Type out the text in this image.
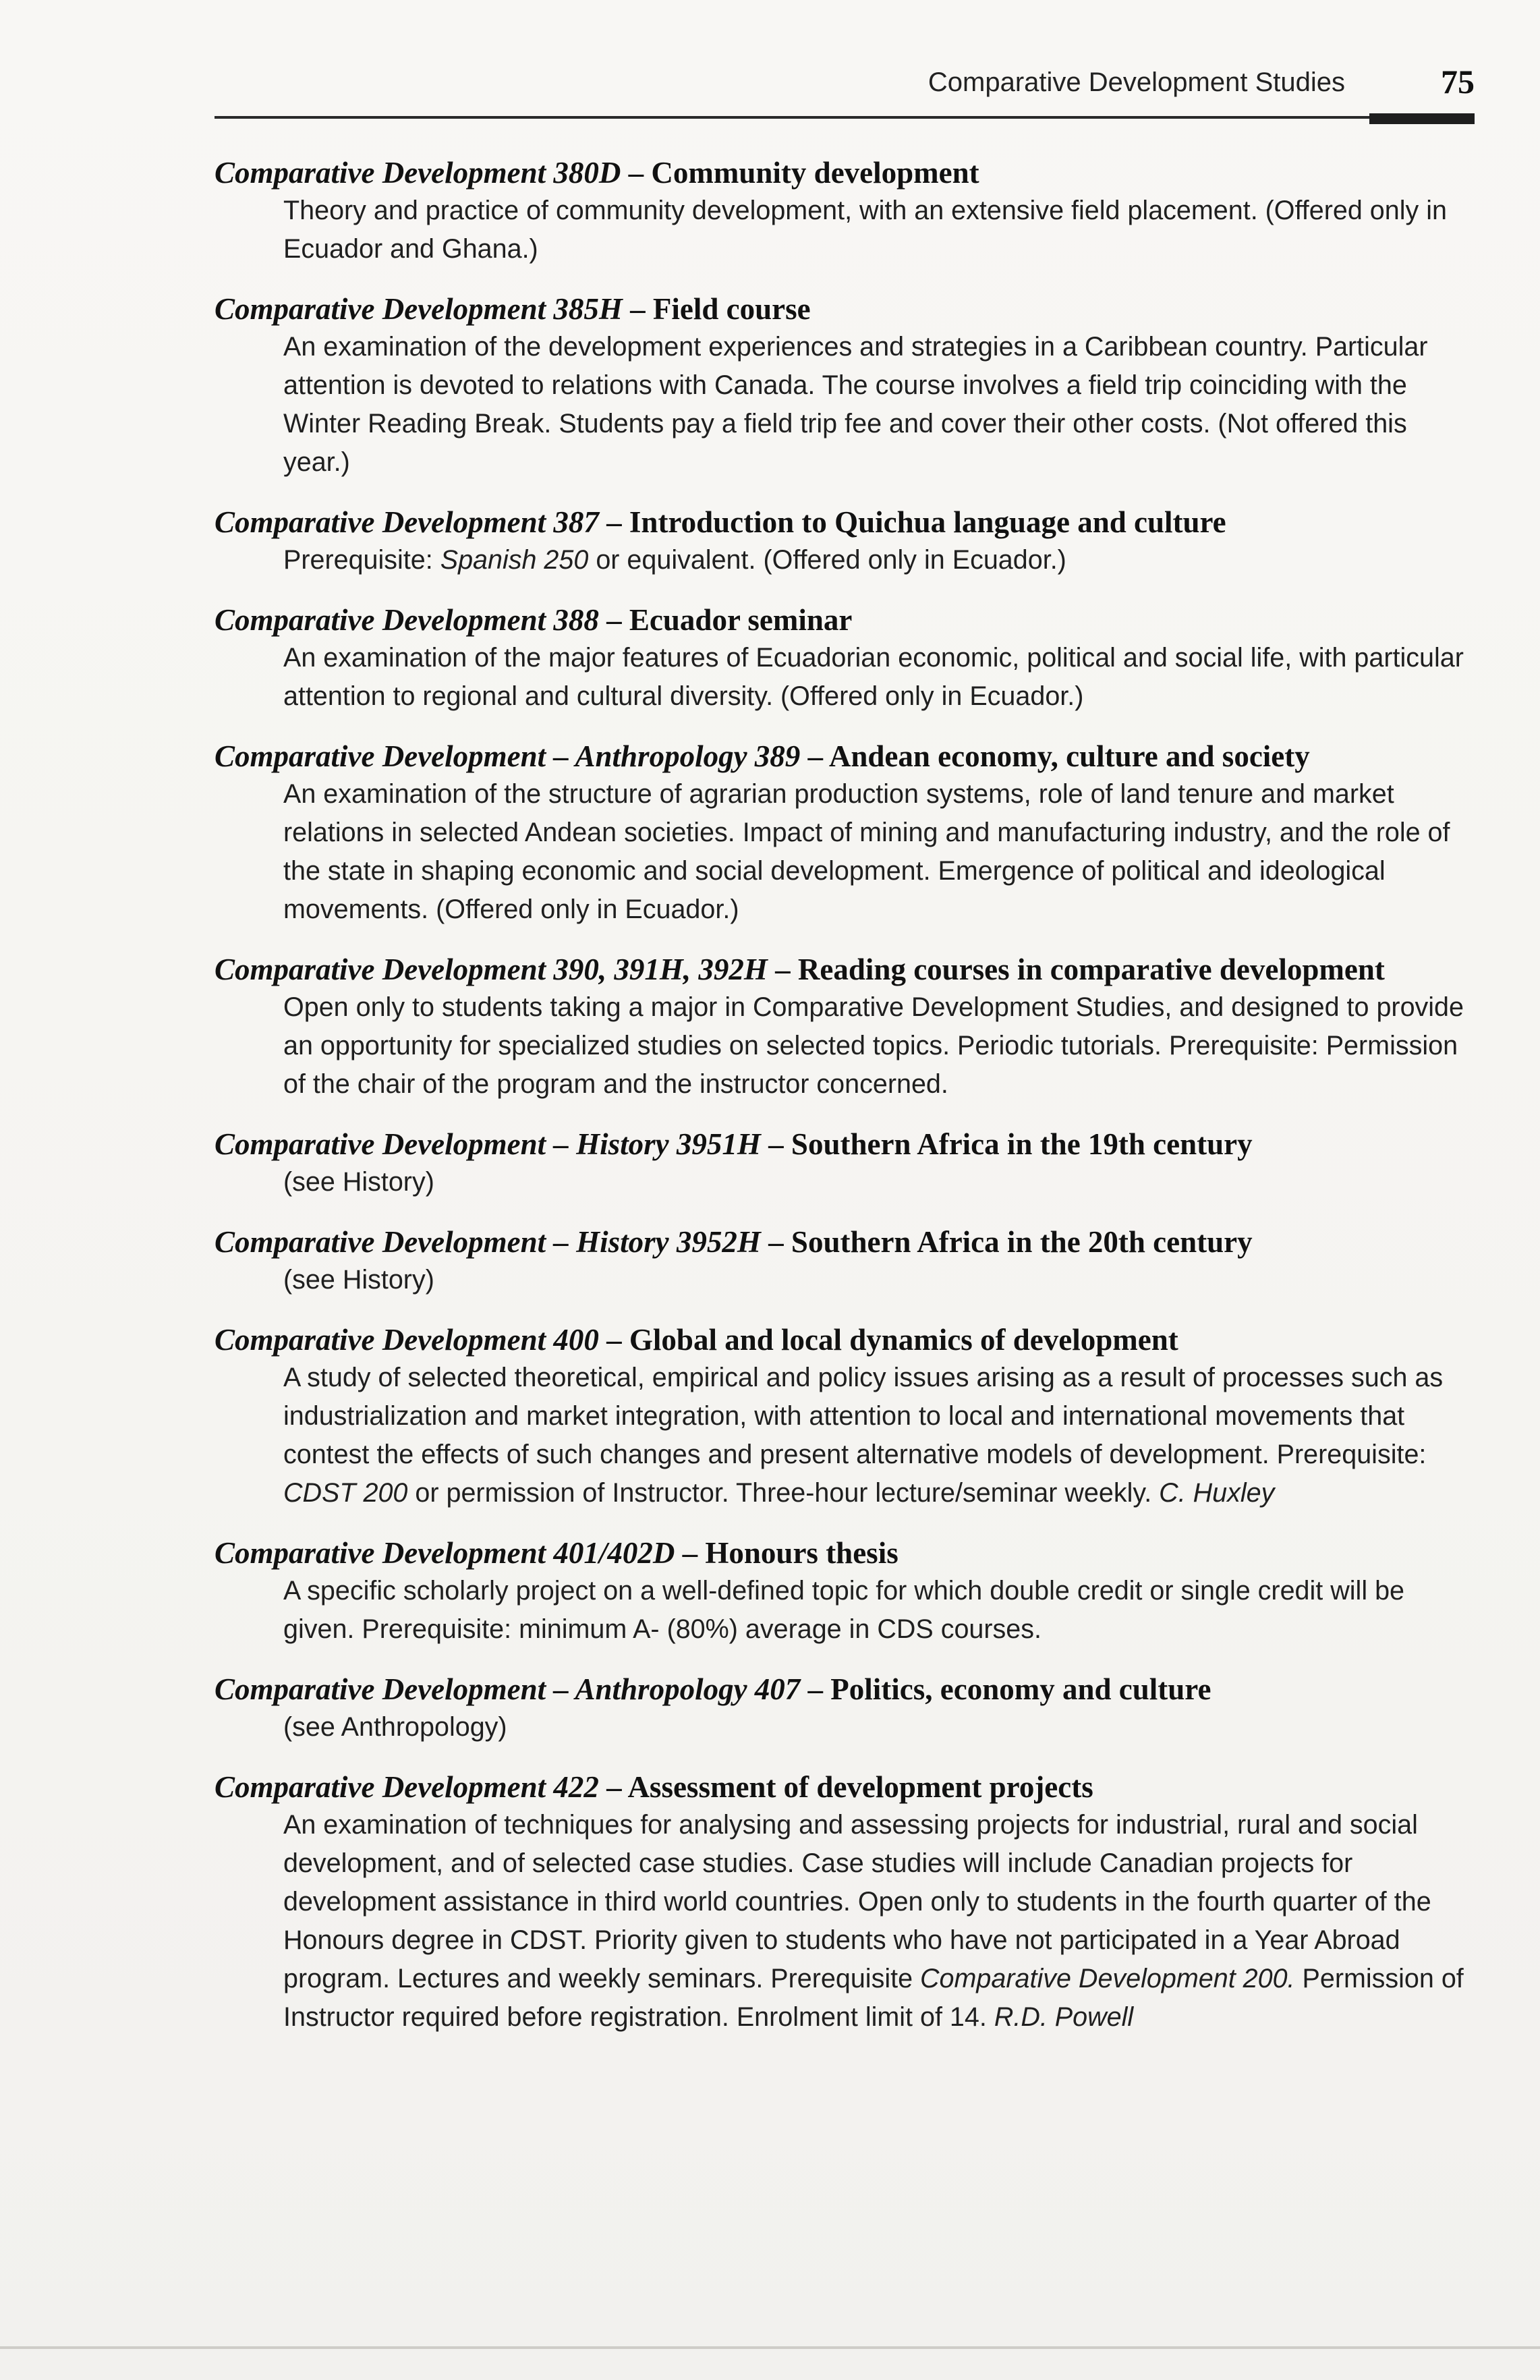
Comparative Development Studies	75
Comparative Development 380D – Community development
Theory and practice of community development, with an extensive field placement. (Offered only in Ecuador and Ghana.)
Comparative Development 385H – Field course
An examination of the development experiences and strategies in a Caribbean country. Particular attention is devoted to relations with Canada. The course involves a field trip coinciding with the Winter Reading Break. Students pay a field trip fee and cover their other costs. (Not offered this year.)
Comparative Development 387 – Introduction to Quichua language and culture
Prerequisite: Spanish 250 or equivalent. (Offered only in Ecuador.)
Comparative Development 388 – Ecuador seminar
An examination of the major features of Ecuadorian economic, political and social life, with particular attention to regional and cultural diversity. (Offered only in Ecuador.)
Comparative Development – Anthropology 389 – Andean economy, culture and society
An examination of the structure of agrarian production systems, role of land tenure and market relations in selected Andean societies. Impact of mining and manufacturing industry, and the role of the state in shaping economic and social development. Emergence of political and ideological movements. (Offered only in Ecuador.)
Comparative Development 390, 391H, 392H – Reading courses in comparative development
Open only to students taking a major in Comparative Development Studies, and designed to provide an opportunity for specialized studies on selected topics. Periodic tutorials. Prerequisite: Permission of the chair of the program and the instructor concerned.
Comparative Development – History 3951H – Southern Africa in the 19th century
(see History)
Comparative Development – History 3952H – Southern Africa in the 20th century
(see History)
Comparative Development 400 – Global and local dynamics of development
A study of selected theoretical, empirical and policy issues arising as a result of processes such as industrialization and market integration, with attention to local and international movements that contest the effects of such changes and present alternative models of development. Prerequisite: CDST 200 or permission of Instructor. Three-hour lecture/seminar weekly. C. Huxley
Comparative Development 401/402D – Honours thesis
A specific scholarly project on a well-defined topic for which double credit or single credit will be given. Prerequisite: minimum A- (80%) average in CDS courses.
Comparative Development – Anthropology 407 – Politics, economy and culture
(see Anthropology)
Comparative Development 422 – Assessment of development projects
An examination of techniques for analysing and assessing projects for industrial, rural and social development, and of selected case studies. Case studies will include Canadian projects for development assistance in third world countries. Open only to students in the fourth quarter of the Honours degree in CDST. Priority given to students who have not participated in a Year Abroad program. Lectures and weekly seminars. Prerequisite Comparative Development 200. Permission of Instructor required before registration. Enrolment limit of 14. R.D. Powell
